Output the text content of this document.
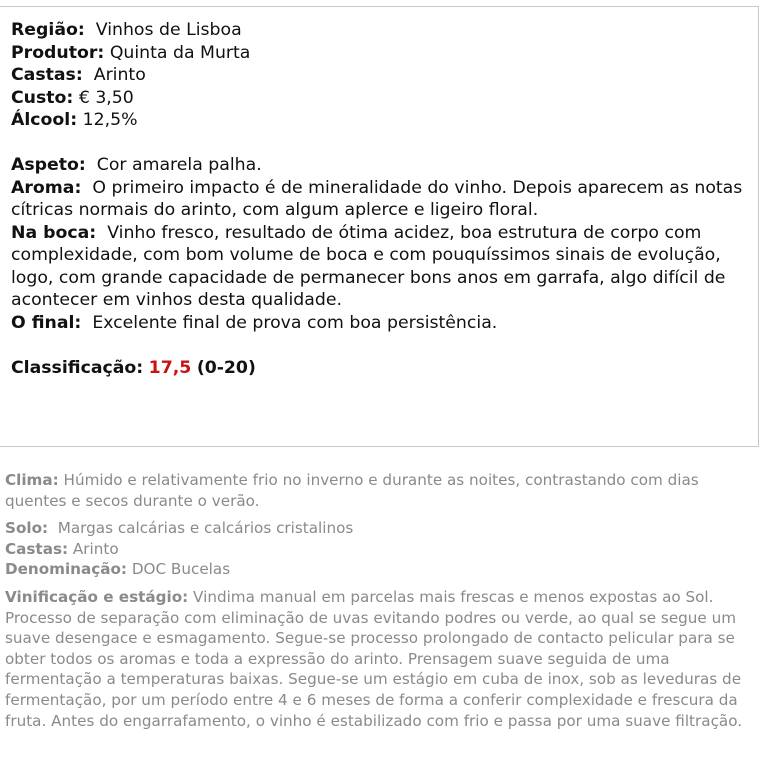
Região: Vinhos de Lisboa
Produtor: Quinta da Murta
Castas: Arinto
Custo: € 3,50
Álcool: 12,5%
Aspeto: Cor amarela palha.
Aroma: O primeiro impacto é de mineralidade do vinho. Depois aparecem as notas cítricas normais do arinto, com algum aplerce e ligeiro floral.
Na boca: Vinho fresco, resultado de ótima acidez, boa estrutura de corpo com complexidade, com bom volume de boca e com pouquíssimos sinais de evolução, logo, com grande capacidade de permanecer bons anos em garrafa, algo difícil de acontecer em vinhos desta qualidade.
O final: Excelente final de prova com boa persistência.
Classificação: 17,5 (0-20)

Clima: Húmido e relativamente frio no inverno e durante as noites, contrastando com dias quentes e secos durante o verão.

Solo: Margas calcárias e calcários cristalinos

Castas: Arinto

Denominação: DOC Bucelas

Vinificação e estágio: Vindima manual em parcelas mais frescas e menos expostas ao Sol. Processo de separação com eliminação de uvas evitando podres ou verde, ao qual se segue um suave desengace e esmagamento. Segue-se processo prolongado de contacto pelicular para se obter todos os aromas e toda a expressão do arinto. Prensagem suave seguida de uma fermentação a temperaturas baixas. Segue-se um estágio em cuba de inox, sob as leveduras de fermentação, por um período entre 4 e 6 meses de forma a conferir complexidade e frescura da fruta. Antes do engarrafamento, o vinho é estabilizado com frio e passa por uma suave filtração.
